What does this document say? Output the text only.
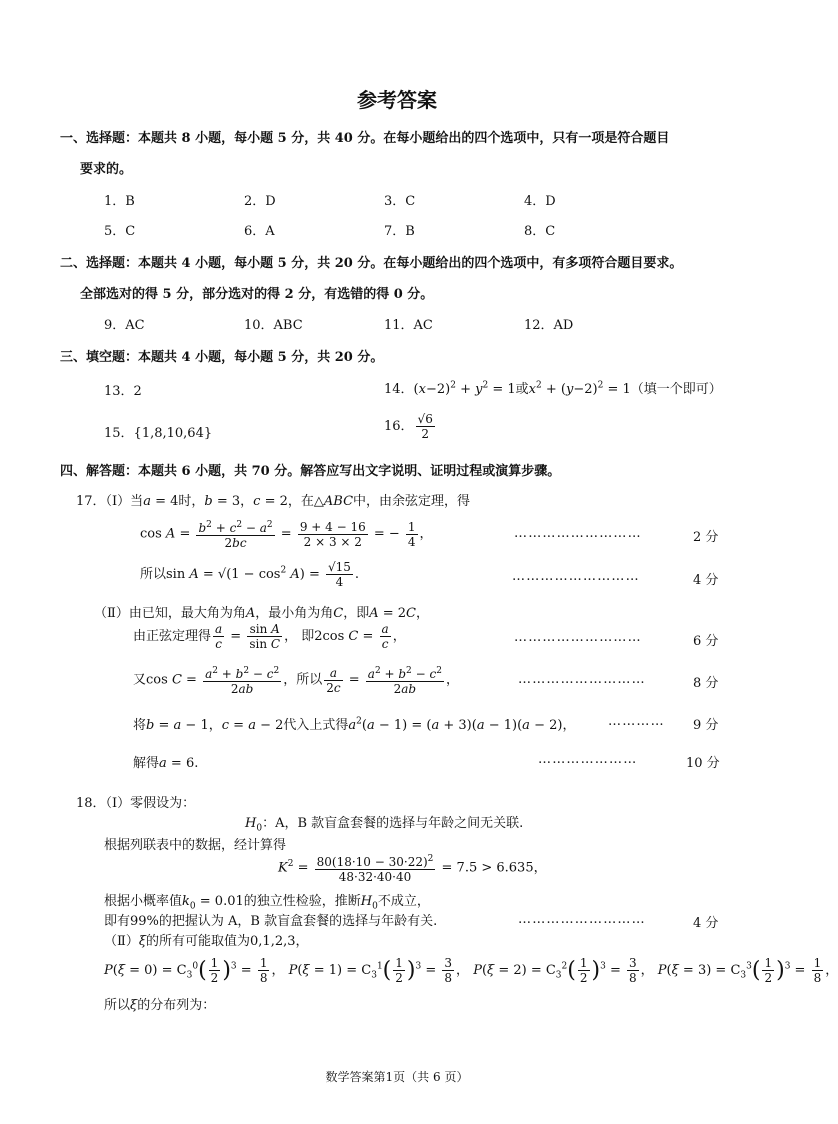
参考答案
一、选择题：本题共 8 小题，每小题 5 分，共 40 分。在每小题给出的四个选项中，只有一项是符合题目
要求的。
1．B	2．D	3．C	4．D
5．C	6．A	7．B	8．C
二、选择题：本题共 4 小题，每小题 5 分，共 20 分。在每小题给出的四个选项中，有多项符合题目要求。
全部选对的得 5 分，部分选对的得 2 分，有选错的得 0 分。
9．AC	10．ABC	11．AC	12．AD
三、填空题：本题共 4 小题，每小题 5 分，共 20 分。
13．2	14．$(x-2)^2 + y^2 = 1$或$x^2 + (y-2)^2 = 1$（填一个即可）
15．{1,8,10,64}	16． $\frac{√6}{2}$
四、解答题：本题共 6 小题，共 70 分。解答应写出文字说明、证明过程或演算步骤。
17．（Ⅰ）当a = 4时，b = 3，c = 2，在△ABC中，由余弦定理，得
$\cos A = \frac{b^2 + c^2 - a^2}{2bc} = \frac{9 + 4 - 16}{2 \times 3 \times 2}$ = − $\frac{1}{4}$ ，	………………………	2 分
所以$\sin A = √(1 - \cos^2 A) = \frac{√15}{4}$ .	………………………	4 分
（Ⅱ）由已知，最大角为角A，最小角为角C，即A = 2C，
由正弦定理得 $\frac{a}{c} = \frac{\text{sin A}}{\text{sin C}}$ ， 即2cos $C = \frac{a}{c}$ ，	………………………	6 分
又$\cos C = \frac{a^2 + b^2 - c^2}{2ab}$ ，所以 $\frac{a}{2c} = \frac{a^2 + b^2 - c^2}{2ab}$ ，	………………………	8 分
将b = a − 1，c = a − 2代入上式得$a^2(a - 1) = (a + 3)(a - 1)(a - 2)$，	………… 9 分
解得a = 6.	…………………	10 分
18．（Ⅰ）零假设为：
$H_0$：A，B 款盲盒套餐的选择与年龄之间无关联.
根据列联表中的数据，经计算得
$K^2 = \frac{80(18\cdot 10 - 30\cdot 22)^2}{48\cdot 32\cdot 40\cdot 40} = 7.5 > 6.635$，
根据小概率值$k_0 = 0.01$的独立性检验，推断$H_0$不成立，
即有99%的把握认为 A，B 款盲盒套餐的选择与年龄有关.	………………………	4 分
（Ⅱ）ξ的所有可能取值为0,1,2,3，
$P(\xi = 0) = C_3^0( \frac{1}{2} )^3 = \frac{1}{8}$ ， $P(\xi = 1) = C_3^1( \frac{1}{2} )^3 = \frac{3}{8}$ ， $P(\xi = 2) = C_3^2( \frac{1}{2} )^3 = \frac{3}{8}$ ， $P(\xi = 3) = C_3^3( \frac{1}{2} )^3 = \frac{1}{8}$ ，
所以ξ的分布列为：
数学答案第1页（共 6 页）
